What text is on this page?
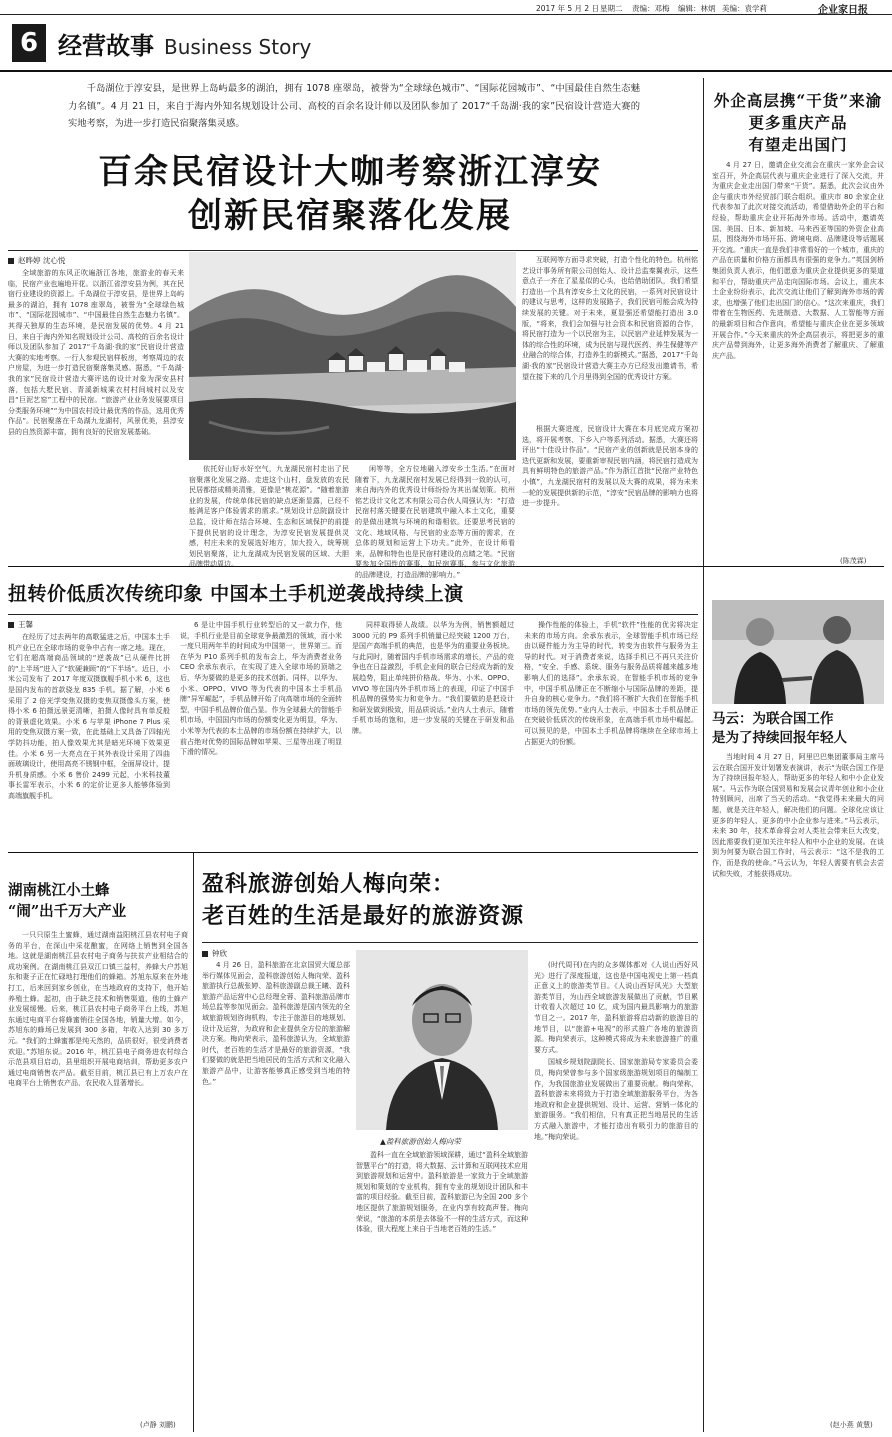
2017 年 5 月 2 日 星期二 责编：邓梅 编辑：林炳 美编：袁学莉	企业家日报
6 经营故事 Business Story
千岛湖位于淳安县，是世界上岛屿最多的湖泊，拥有 1078 座翠岛，被誉为“全球绿色城市”、“国际花园城市”、“中国最佳自然生态魅力名镇”。4 月 21 日，来自于海内外知名规划设计公司、高校的百余名设计师以及团队参加了 2017“千岛湖·我的家”民宿设计营造大赛的实地考察，为进一步打造民宿聚落集灵感。
百余民宿设计大咖考察浙江淳安
创新民宿聚落化发展
赵晔婷 沈心悦

全域旅游的东风正吹遍浙江各地，旅游业的春天来临，民宿产业也遍地开花。以浙江省淳安县为例，其在民宿行业建设的资源上。千岛湖位于淳安县，是世界上岛屿最多的湖泊，拥有 1078 座翠岛，被誉为“全球绿色城市”、“国际花园城市”、“中国最佳自然生态魅力名镇”。其得天独厚的生态环境，是民宿发展的优势。4 月 21 日，来自于海内外知名规划设计公司、高校的百余名设计师以及团队参加了 2017“千岛湖·我的家”民宿设计营造大赛的实地考察。一行人参观民宿样板房，考察周边的农户房屋，为进一步打造民宿聚落集灵感。据悉，“千岛湖·我的家”民宿设计营造大赛评选的设计对象为深安县村落，包括大墅民宿、青溪新城乘衣村村间城村以及安昌“巨泥艺窑”工程中的民宿。“旅游产业业务发展要项目分类服务环境”“为中国农村设计最优秀的作品，选用优秀作品”。民宿聚落在千岛湖九龙湖村，风景优美，县淳安县的自然资源丰富，拥有良好的民宿发展基础。

依托好山好水好空气，九龙湖民宿村走出了民宿聚落化发展之路。走进这个山村，盘发放的农民民居都搭成精美清雅，更像是“桃花源”。“随着旅游业的发展，传统单体民宿的缺点逐渐显露，已经不能满足客户体验需求的需求。”规划设计总院副设计总监，设计师在结合环境、生态和区域保护的前提下提供民宿的设计理念，为淳安民宿发展提供灵感，村庄未来的发展选好地方，加大投入，统筹规划民宿聚落，让九龙湖成为民宿发展的区域、大胆品牌带动周边。

闲等等，全方位地融入淳安乡土生活。”在面对随着下，九龙湖民宿村发展已经得到一致的认可，来自海内外的优秀设计师纷纷为其出谋划策。杭州铭艺设计文化艺术有限公司合伙人周强认为：“打造民宿村落关键要在民宿建筑中融入本土文化，重要的是做出建筑与环境的和谐相依。还要思考民宿的文化、地域风格、与民宿的业态等方面的需求，在总体的规划和运营上下功夫。”此外，在设计师看来，品牌和特色也是民宿村建设的点睛之笔。“民宿要参加全国性的赛事，如民宿赛事，参与文化旅游的品牌建设，打造品牌的影响力。”

互联网等方面寻求突破，打造个性化的特色。杭州铭艺设计事务所有限公司创始人、设计总监秦翼表示，这些意点子一齐在了星星似的心头，也给借助团队，我们希望打造出一个具有淳安乡土文化的民宿，一系列对民宿设计的建议与思考，这样的发展路子，我们民宿可能会成为持续发展的关键。对于未来，夏显强还希望能打造出 3.0 版，“将来，我们会加强与社会资本和民宿资源的合作，将民宿打造为一个以民宿为主，以民宿产业延伸发展为一体的综合性的环境，成为民宿与现代医药、养生保健等产业融合的综合体，打造养生的新模式。”据悉，2017“千岛湖·我的家”民宿设计营造大赛主办方已经发出邀请书，希望在接下来的几个月里得到全国的优秀设计方案。

根据大赛进度，民宿设计大赛在本月底完成方案初选，将开展考察、下乡入户等系列活动。据悉，大赛还将评出“十佳设计作品”。“民宿产业的创新就是民宿本身的迭代更新和发展，要重新审视民宿内涵，将民宿打造成为具有鲜明特色的旅游产品。”作为浙江首批“民宿产业特色小镇”，九龙湖民宿村的发展以及大赛的成果，将为未来一轮的发展提供新的示范，“淳安”民宿品牌的影响力也将进一步提升。

外企高层携“干货”来渝
更多重庆产品
有望走出国门

4 月 27 日，邀请企业交流会在重庆一家外企会议室召开，外企高层代表与重庆企业进行了深入交流，并为重庆企业走出国门带来“干货”。据悉，此次会议由外企与重庆市外经贸部门联合组织。重庆市 80 余家企业代表参加了此次对接交流活动，希望借助外企的平台和经验，帮助重庆企业开拓海外市场。活动中，邀请英国、美国、日本、新加坡、马来西亚等国的外资企业高层，围绕海外市场开拓、跨境电商、品牌建设等话题展开交流。“重庆一直是我们非常看好的一个城市，重庆的产品在质量和价格方面都具有很强的竞争力。”英国剑桥集团负责人表示，他们愿意为重庆企业提供更多的渠道和平台，帮助重庆产品走向国际市场。会议上，重庆本土企业纷纷表示，此次交流让他们了解到海外市场的需求，也增强了他们走出国门的信心。“这次来重庆，我们带着在生物医药、先进制造、大数据、人工智能等方面的最新项目和合作意向，希望能与重庆企业在更多领域开展合作。”今天来重庆的外企高层表示，将把更多的重庆产品带到海外，让更多海外消费者了解重庆、了解重庆产品。

(陈茂霖)
扭转价低质次传统印象 中国本土手机逆袭战持续上演
王馨

在经历了过去两年的高歌猛进之后，中国本土手机产业已在全球市场的竞争中占有一席之地。现在，它们在超高端商品领域的“逆袭战”已从硬件比拼的“上半场”进入了“软硬兼顾”的“下半场”。近日，小米公司发布了 2017 年度双摄旗舰手机小米 6，这也是国内发布的首款骁龙 835 手机。据了解，小米 6 采用了 2 倍光学变焦双摄的变焦双摄像头方案，使得小米 6 拍摄远景更清晰，拍摄人像时具有单反般的背景虚化效果。小米 6 与苹果 iPhone 7 Plus 采用的变焦双摄方案一致，在此基础上又具备了四轴光学防抖功能，拍人像效果尤其是暗光环境下效果更佳。小米 6 另一大亮点在于其外表设计采用了四曲面玻璃设计，使用高亮不锈钢中框，全面屏设计，提升机身质感。小米 6 售价 2499 元起，小米科技董事长雷军表示，小米 6 的定价让更多人能够体验到高端旗舰手机。

6 是让中国手机行业转型后的又一款力作，他说，手机行业是目前全球竞争最激烈的领域，而小米一度只用两年半的时间成为中国第一，世界第三。而在华为 P10 系列手机的发布会上，华为消费者业务 CEO 余承东表示，在实现了进入全球市场的顶端之后，华为要做的是更多的技术创新。同样，以华为、小米、OPPO、VIVO 等为代表的中国本土手机品牌“异军崛起”，手机品牌开始了向高端市场的全面转型，中国手机品牌价值凸显。作为全球最大的智能手机市场，中国国内市场的份额变化更为明显，华为、小米等为代表的本土品牌的市场份额在持续扩大，以前占绝对优势的国际品牌如苹果、三星等出现了明显下滑的情况。

同样取得骄人战绩。以华为为例，销售额超过 3000 元的 P9 系列手机销量已经突破 1200 万台，是国产高端手机的典范，也是华为的重要业务板块。与此同时，随着国内手机市场需求的增长，产品的竞争也在日益激烈，手机企业间的联合已经成为新的发展趋势，阻止单纯拼价格战。华为、小米、OPPO、VIVO 等在国内外手机市场上的表现，印证了中国手机品牌的强势实力和竞争力。“我们要做的是把设计和研发做到极致，用品质说话。”业内人士表示，随着手机市场的饱和，进一步发展的关键在于研发和品牌。

操作性能的体验上，手机“软件”性能的优劣将决定未来的市场方向。余承东表示，全球智能手机市场已经由以硬件能力为主导的时代，转变为由软件与服务为主导的时代。对于消费者来说，选择手机已不再只关注价格，“安全、手感、系统、服务与服务品质将越来越多地影响人们的选择”。余承东说，在智能手机市场的竞争中，中国手机品牌正在不断缩小与国际品牌的差距，提升自身的核心竞争力。“我们将不断扩大我们在智能手机市场的领先优势。”业内人士表示，中国本土手机品牌正在突破价低质次的传统形象，在高端手机市场中崛起。可以预见的是，中国本土手机品牌将继续在全球市场上占据更大的份额。

马云：为联合国工作
是为了持续回报年轻人

当地时间 4 月 27 日，阿里巴巴集团董事局主席马云在联合国开发计划署发表演讲，表示“为联合国工作是为了持续回报年轻人，帮助更多的年轻人和中小企业发展”。马云作为联合国贸易和发展会议青年创业和小企业特别顾问，出席了当天的活动。“我觉得未来最大的问题，就是关注年轻人，解决他们的问题。全球化应该让更多的年轻人、更多的中小企业参与进来。”马云表示，未来 30 年，技术革命将会对人类社会带来巨大改变，因此需要我们更加关注年轻人和中小企业的发展。在谈到为何要为联合国工作时，马云表示：“这不是我的工作，而是我的使命。”马云认为，年轻人需要有机会去尝试和失败，才能获得成功。

(赵小燕 黄慧)
湖南桃江小土蜂
“闹”出千万大产业

一只只原生土蜜蜂，通过湖南益阳桃江县农村电子商务的平台，在深山中采花酿蜜，在网络上销售到全国各地。这就是湖南桃江县农村电子商务与扶贫产业相结合的成功案例。在湖南桃江县双江口镇三益村，养蜂大户苏旭东和妻子正在忙碌地打理他们的蜂箱。苏旭东原来在外地打工，后来回到家乡创业，在当地政府的支持下，他开始养殖土蜂。起初，由于缺乏技术和销售渠道，他的土蜂产业发展缓慢。后来，桃江县农村电子商务平台上线，苏旭东通过电商平台将蜂蜜销往全国各地，销量大增。如今，苏旭东的蜂场已发展到 300 多箱，年收入达到 30 多万元。“我们的土蜂蜜都是纯天然的，品质很好，很受消费者欢迎。”苏旭东说。2016 年，桃江县电子商务进农村综合示范县项目启动，县里组织开展电商培训，帮助更多农户通过电商销售农产品。截至目前，桃江县已有上万农户在电商平台上销售农产品，农民收入显著增长。

(卢静 刘鹏)
盈科旅游创始人梅向荣：
老百姓的生活是最好的旅游资源
钟欣
▲盈科旅游创始人梅向荣

4 月 26 日，盈科旅游在北京国贸大厦总部举行媒体见面会，盈科旅游创始人梅向荣、盈科旅游执行总裁张婷、盈科旅游副总裁王曦、盈科旅游产品运营中心总经理全蓉、盈科旅游品牌市场总监等参加见面会。盈科旅游是国内领先的全域旅游规划咨询机构，专注于旅游目的地规划、设计及运营，为政府和企业提供全方位的旅游解决方案。梅向荣表示，盈科旅游认为，全域旅游时代，老百姓的生活才是最好的旅游资源，“我们要做的就是把当地居民的生活方式和文化融入旅游产品中，让游客能够真正感受到当地的特色。”

盈科一直在全域旅游领域深耕，通过“盈科全域旅游智慧平台”的打造，将大数据、云计算和互联网技术应用到旅游规划和运营中。盈科旅游是一家致力于全域旅游规划和策划的专业机构，拥有专业的规划设计团队和丰富的项目经验。截至目前，盈科旅游已为全国 200 多个地区提供了旅游规划服务，在业内享有较高声誉。梅向荣说，“旅游的本质是去体验不一样的生活方式，而这种体验，很大程度上来自于当地老百姓的生活。”

(时代周刊)在内的众多媒体都对《人说山西好风光》进行了深度报道，这也是中国电视史上第一档真正意义上的旅游类节目。《人说山西好风光》大型旅游类节目，为山西全域旅游发展做出了贡献，节目累计收看人次超过 10 亿，成为国内最具影响力的旅游节目之一。2017 年，盈科旅游将启动新的旅游目的地节目，以“旅游+电视”的形式推广各地的旅游资源。梅向荣表示，这种模式将成为未来旅游推广的重要方式。

国城乡规划院副院长、国家旅游局专家委员会委员，梅向荣曾参与多个国家级旅游规划项目的编制工作，为我国旅游业发展做出了重要贡献。梅向荣称，盈科旅游未来将致力于打造全域旅游服务平台，为各地政府和企业提供规划、设计、运营、营销一体化的旅游服务。“我们相信，只有真正把当地居民的生活方式融入旅游中，才能打造出有吸引力的旅游目的地。”梅向荣说。
